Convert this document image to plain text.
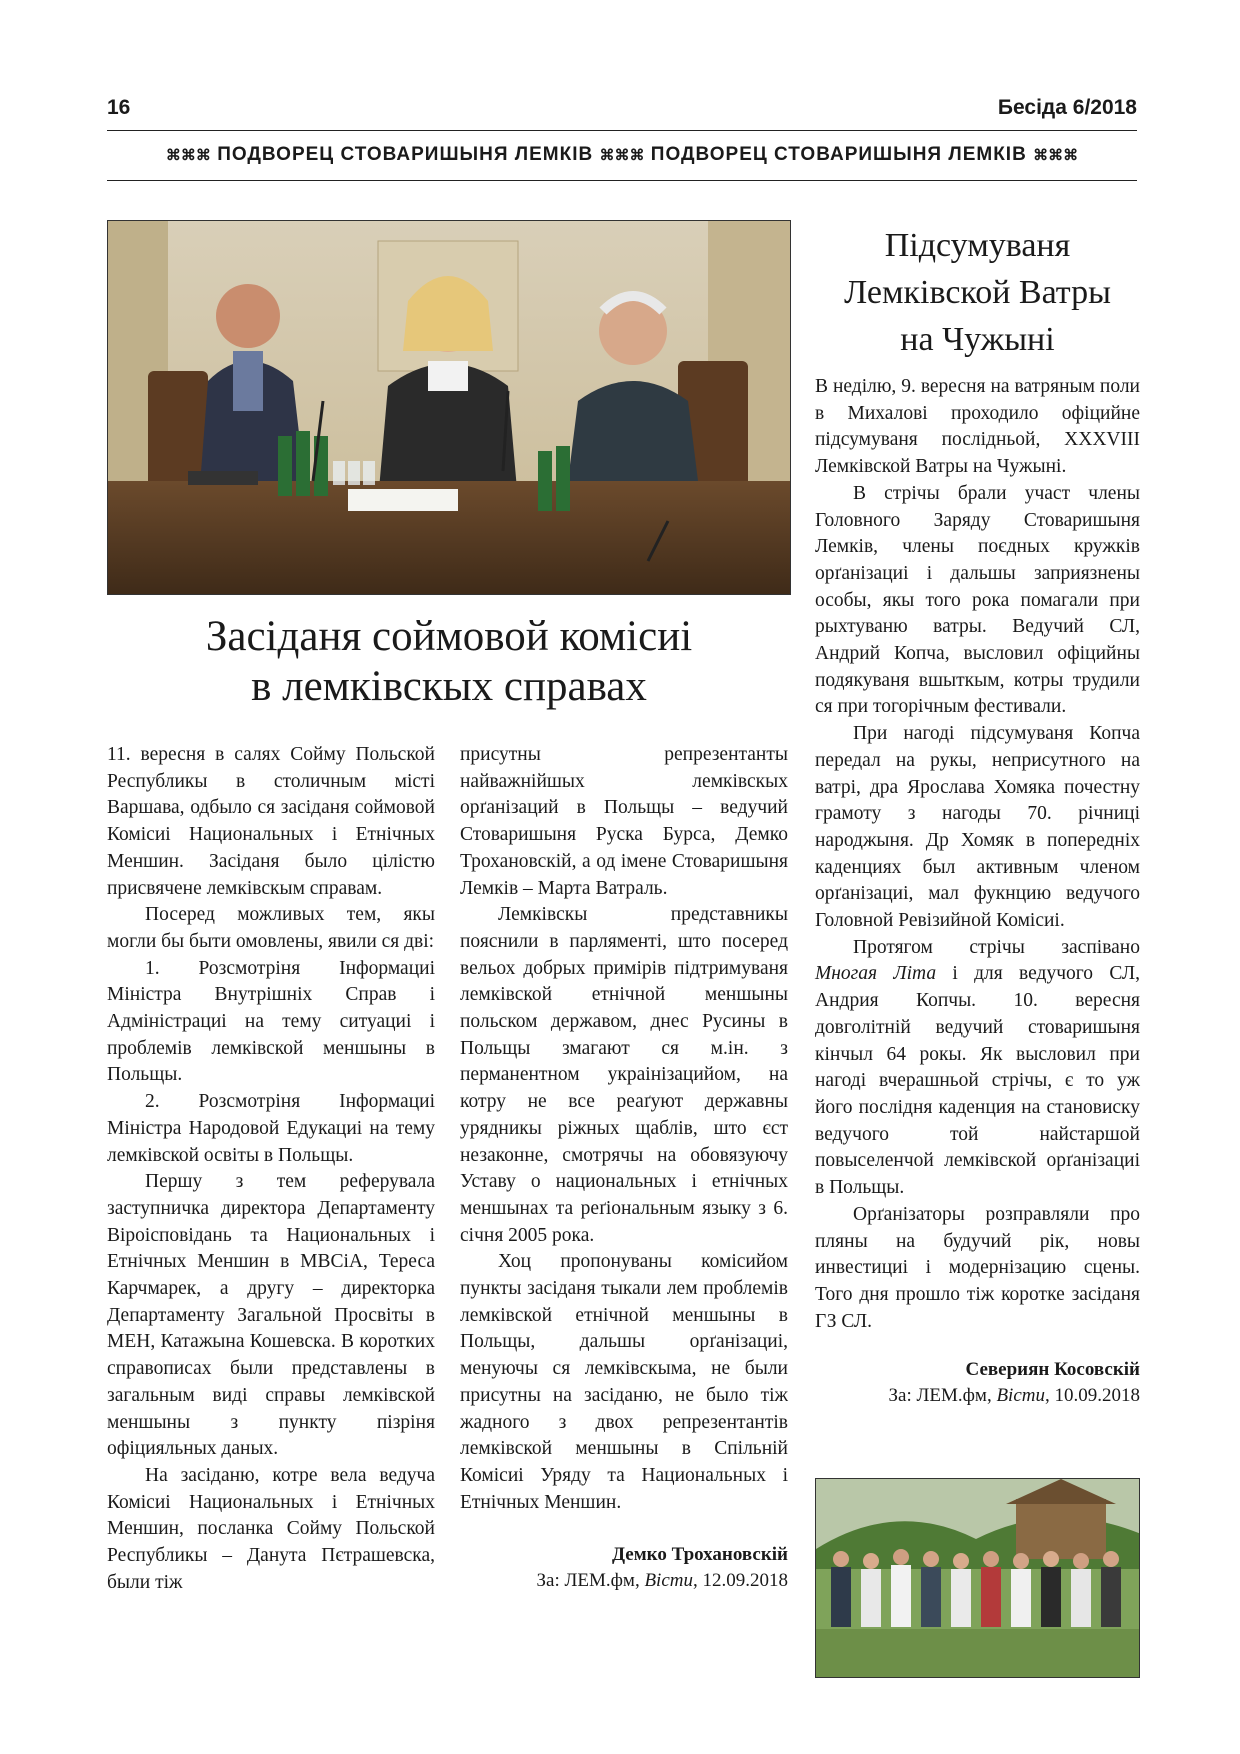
16	Бесіда 6/2018
⌘⌘⌘ ПОДВОРЕЦ СТОВАРИШЫНЯ ЛЕМКІВ ⌘⌘⌘ ПОДВОРЕЦ СТОВАРИШЫНЯ ЛЕМКІВ ⌘⌘⌘
Засіданя соймовой комісиі
в лемківскых справах

11. вересня в салях Сойму Польской Республикы в столичным місті Варшава, одбыло ся засіданя соймовой Комісиі Национальных і Етнічных Меншин. Засіданя было цілістю присвячене лемківскым справам.

Посеред можливых тем, якы могли бы быти омовлены, явили ся дві:

1. Розсмотріня Інформациі Міністра Внутрішніх Справ і Адміністрациі на тему ситуациі і проблемів лемківской меншыны в Польщы.

2. Розсмотріня Інформациі Міністра Народовой Едукациі на тему лемківской освіты в Польщы.

Першу з тем реферувала заступничка директора Департаменту Віроісповідань та Национальных і Етнічных Меншин в МВСіА, Тереса Карчмарек, а другу – директорка Департаменту Загальной Просвіты в МЕН, Катажына Кошевска. В коротких справописах были представлены в загальным виді справы лемківской меншыны з пункту пізріня офіцияльных даных.

На засіданю, котре вела ведуча Комісиі Национальных і Етнічных Меншин, посланка Сойму Польской Республикы – Данута Пєтрашевска, были тіж

присутны репрезентанты найважнійшых лемківскых орґанізаций в Польщы – ведучий Стоваришыня Руска Бурса, Демко Трохановскій, а од імене Стоваришыня Лемків – Марта Ватраль.

Лемківскы представникы пояснили в парляменті, што посеред вельох добрых примірів підтримуваня лемківской етнічной меншыны польском державом, днес Русины в Польщы змагают ся м.ін. з перманентном украінізацийом, на котру не все реаґуют державны урядникы ріжных щаблів, што єст незаконне, смотрячы на обовязуючу Уставу о национальных і етнічных меншынах та реґіональным языку з 6. січня 2005 рока.

Хоц пропонуваны комісийом пункты засіданя тыкали лем проблемів лемківской етнічной меншыны в Польщы, дальшы орґанізациі, менуючы ся лемківскыма, не были присутны на засіданю, не было тіж жадного з двох репрезентантів лемківской меншыны в Спільній Комісиі Уряду та Национальных і Етнічных Меншин.

Демко Трохановскій
За: ЛЕМ.фм, Вісти, 12.09.2018
Підсумуваня
Лемківской Ватры
на Чужыні

В неділю, 9. вересня на ватряным поли в Михалові проходило офіцийне підсумуваня послідньой, XXXVIII Лемківской Ватры на Чужыні.

В стрічы брали участ члены Головного Заряду Стоваришыня Лемків, члены поєдных кружків орґанізациі і дальшы заприязнены особы, якы того рока помагали при рыхтуваню ватры. Ведучий СЛ, Андрий Копча, высловил офіцийны подякуваня вшыткым, котры трудили ся при тогорічным фестивали.

При нагоді підсумуваня Копча передал на рукы, неприсутного на ватрі, дра Ярослава Хомяка почестну грамоту з нагоды 70. річниці народжыня. Др Хомяк в попередніх каденциях был активным членом орґанізациі, мал фукнцию ведучого Головной Ревізийной Комісиі.

Протягом стрічы заспівано Многая Літа і для ведучого СЛ, Андрия Копчы. 10. вересня довголітній ведучий стоваришыня кінчыл 64 рокы. Як высловил при нагоді вчерашньой стрічы, є то уж його послідня каденция на становиску ведучого той найстаршой повыселенчой лемківской орґанізациі в Польщы.

Орґанізаторы розправляли про пляны на будучий рік, новы инвестициі і модернізацию сцены. Того дня прошло тіж коротке засіданя ГЗ СЛ.

Севериян Косовскій
За: ЛЕМ.фм, Вісти, 10.09.2018
